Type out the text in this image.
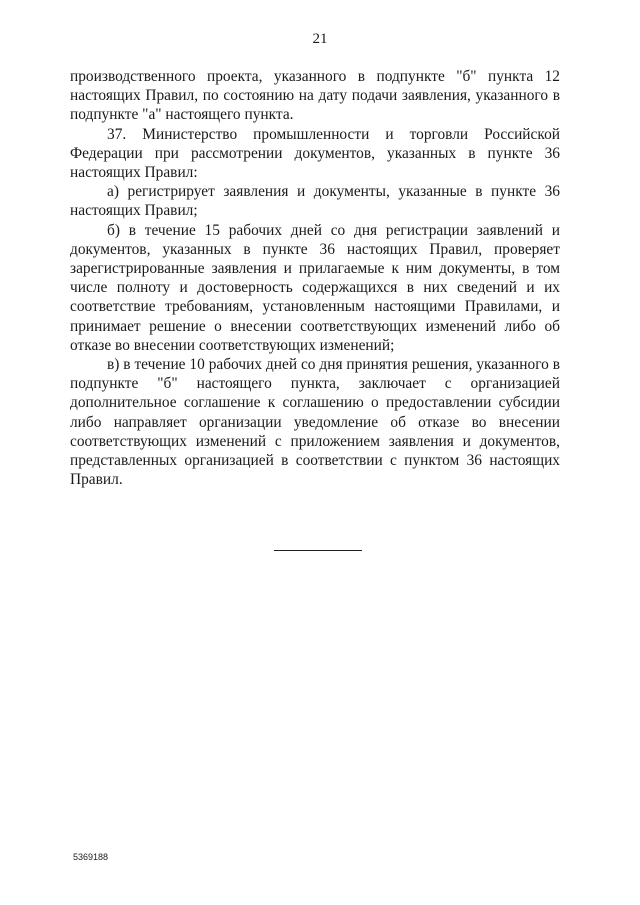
21

производственного проекта, указанного в подпункте "б" пункта 12 настоящих Правил, по состоянию на дату подачи заявления, указанного в подпункте "а" настоящего пункта.

37. Министерство промышленности и торговли Российской Федерации при рассмотрении документов, указанных в пункте 36 настоящих Правил:

а) регистрирует заявления и документы, указанные в пункте 36 настоящих Правил;

б) в течение 15 рабочих дней со дня регистрации заявлений и документов, указанных в пункте 36 настоящих Правил, проверяет зарегистрированные заявления и прилагаемые к ним документы, в том числе полноту и достоверность содержащихся в них сведений и их соответствие требованиям, установленным настоящими Правилами, и принимает решение о внесении соответствующих изменений либо об отказе во внесении соответствующих изменений;

в) в течение 10 рабочих дней со дня принятия решения, указанного в подпункте "б" настоящего пункта, заключает с организацией дополнительное соглашение к соглашению о предоставлении субсидии либо направляет организации уведомление об отказе во внесении соответствующих изменений с приложением заявления и документов, представленных организацией в соответствии с пунктом 36 настоящих Правил.

5369188
